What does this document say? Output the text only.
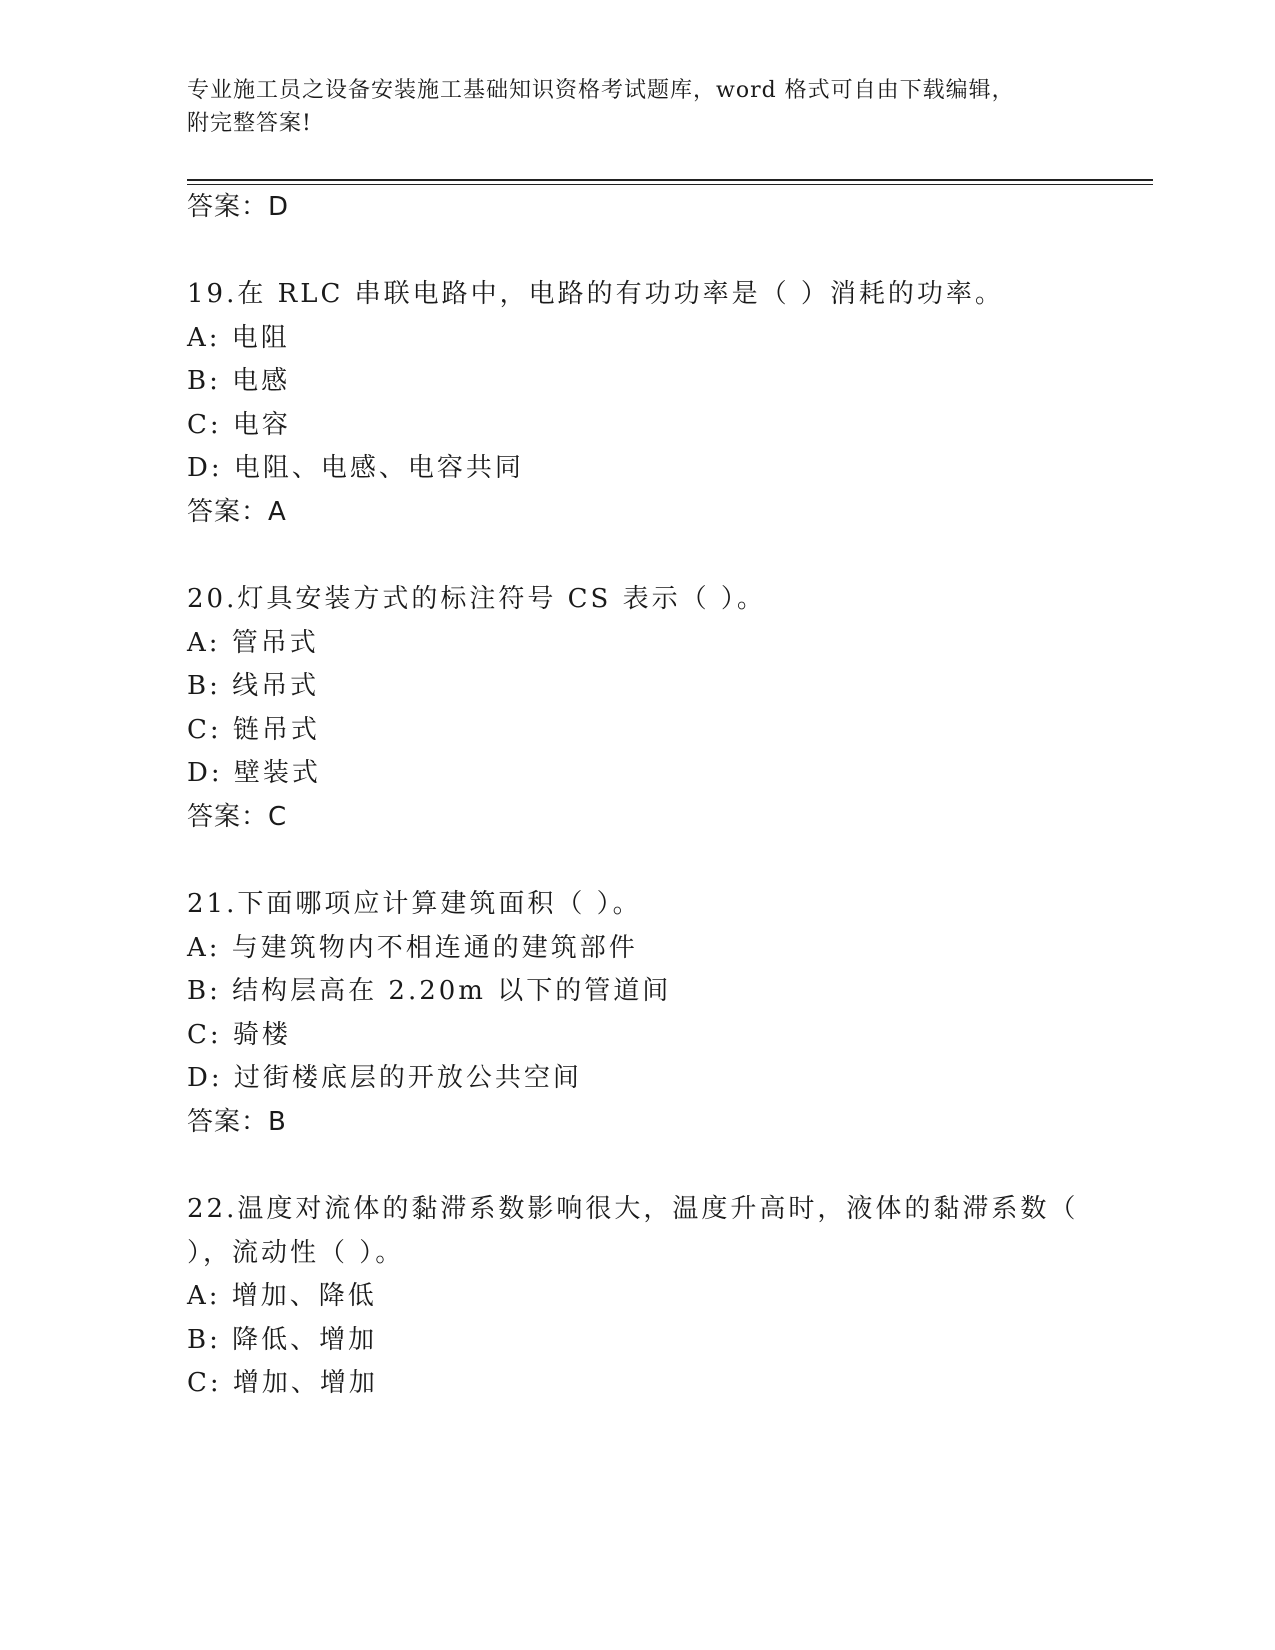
专业施工员之设备安装施工基础知识资格考试题库，word 格式可自由下载编辑，
附完整答案!
答案：D
19.在 RLC 串联电路中，电路的有功功率是（ ）消耗的功率。
A: 电阻
B: 电感
C: 电容
D: 电阻、电感、电容共同
答案：A
20.灯具安装方式的标注符号 CS 表示（ ）。
A: 管吊式
B: 线吊式
C: 链吊式
D: 壁装式
答案：C
21.下面哪项应计算建筑面积（ ）。
A: 与建筑物内不相连通的建筑部件
B: 结构层高在 2.20m 以下的管道间
C: 骑楼
D: 过街楼底层的开放公共空间
答案：B
22.温度对流体的黏滞系数影响很大，温度升高时，液体的黏滞系数（
），流动性（ ）。
A: 增加、降低
B: 降低、增加
C: 增加、增加
